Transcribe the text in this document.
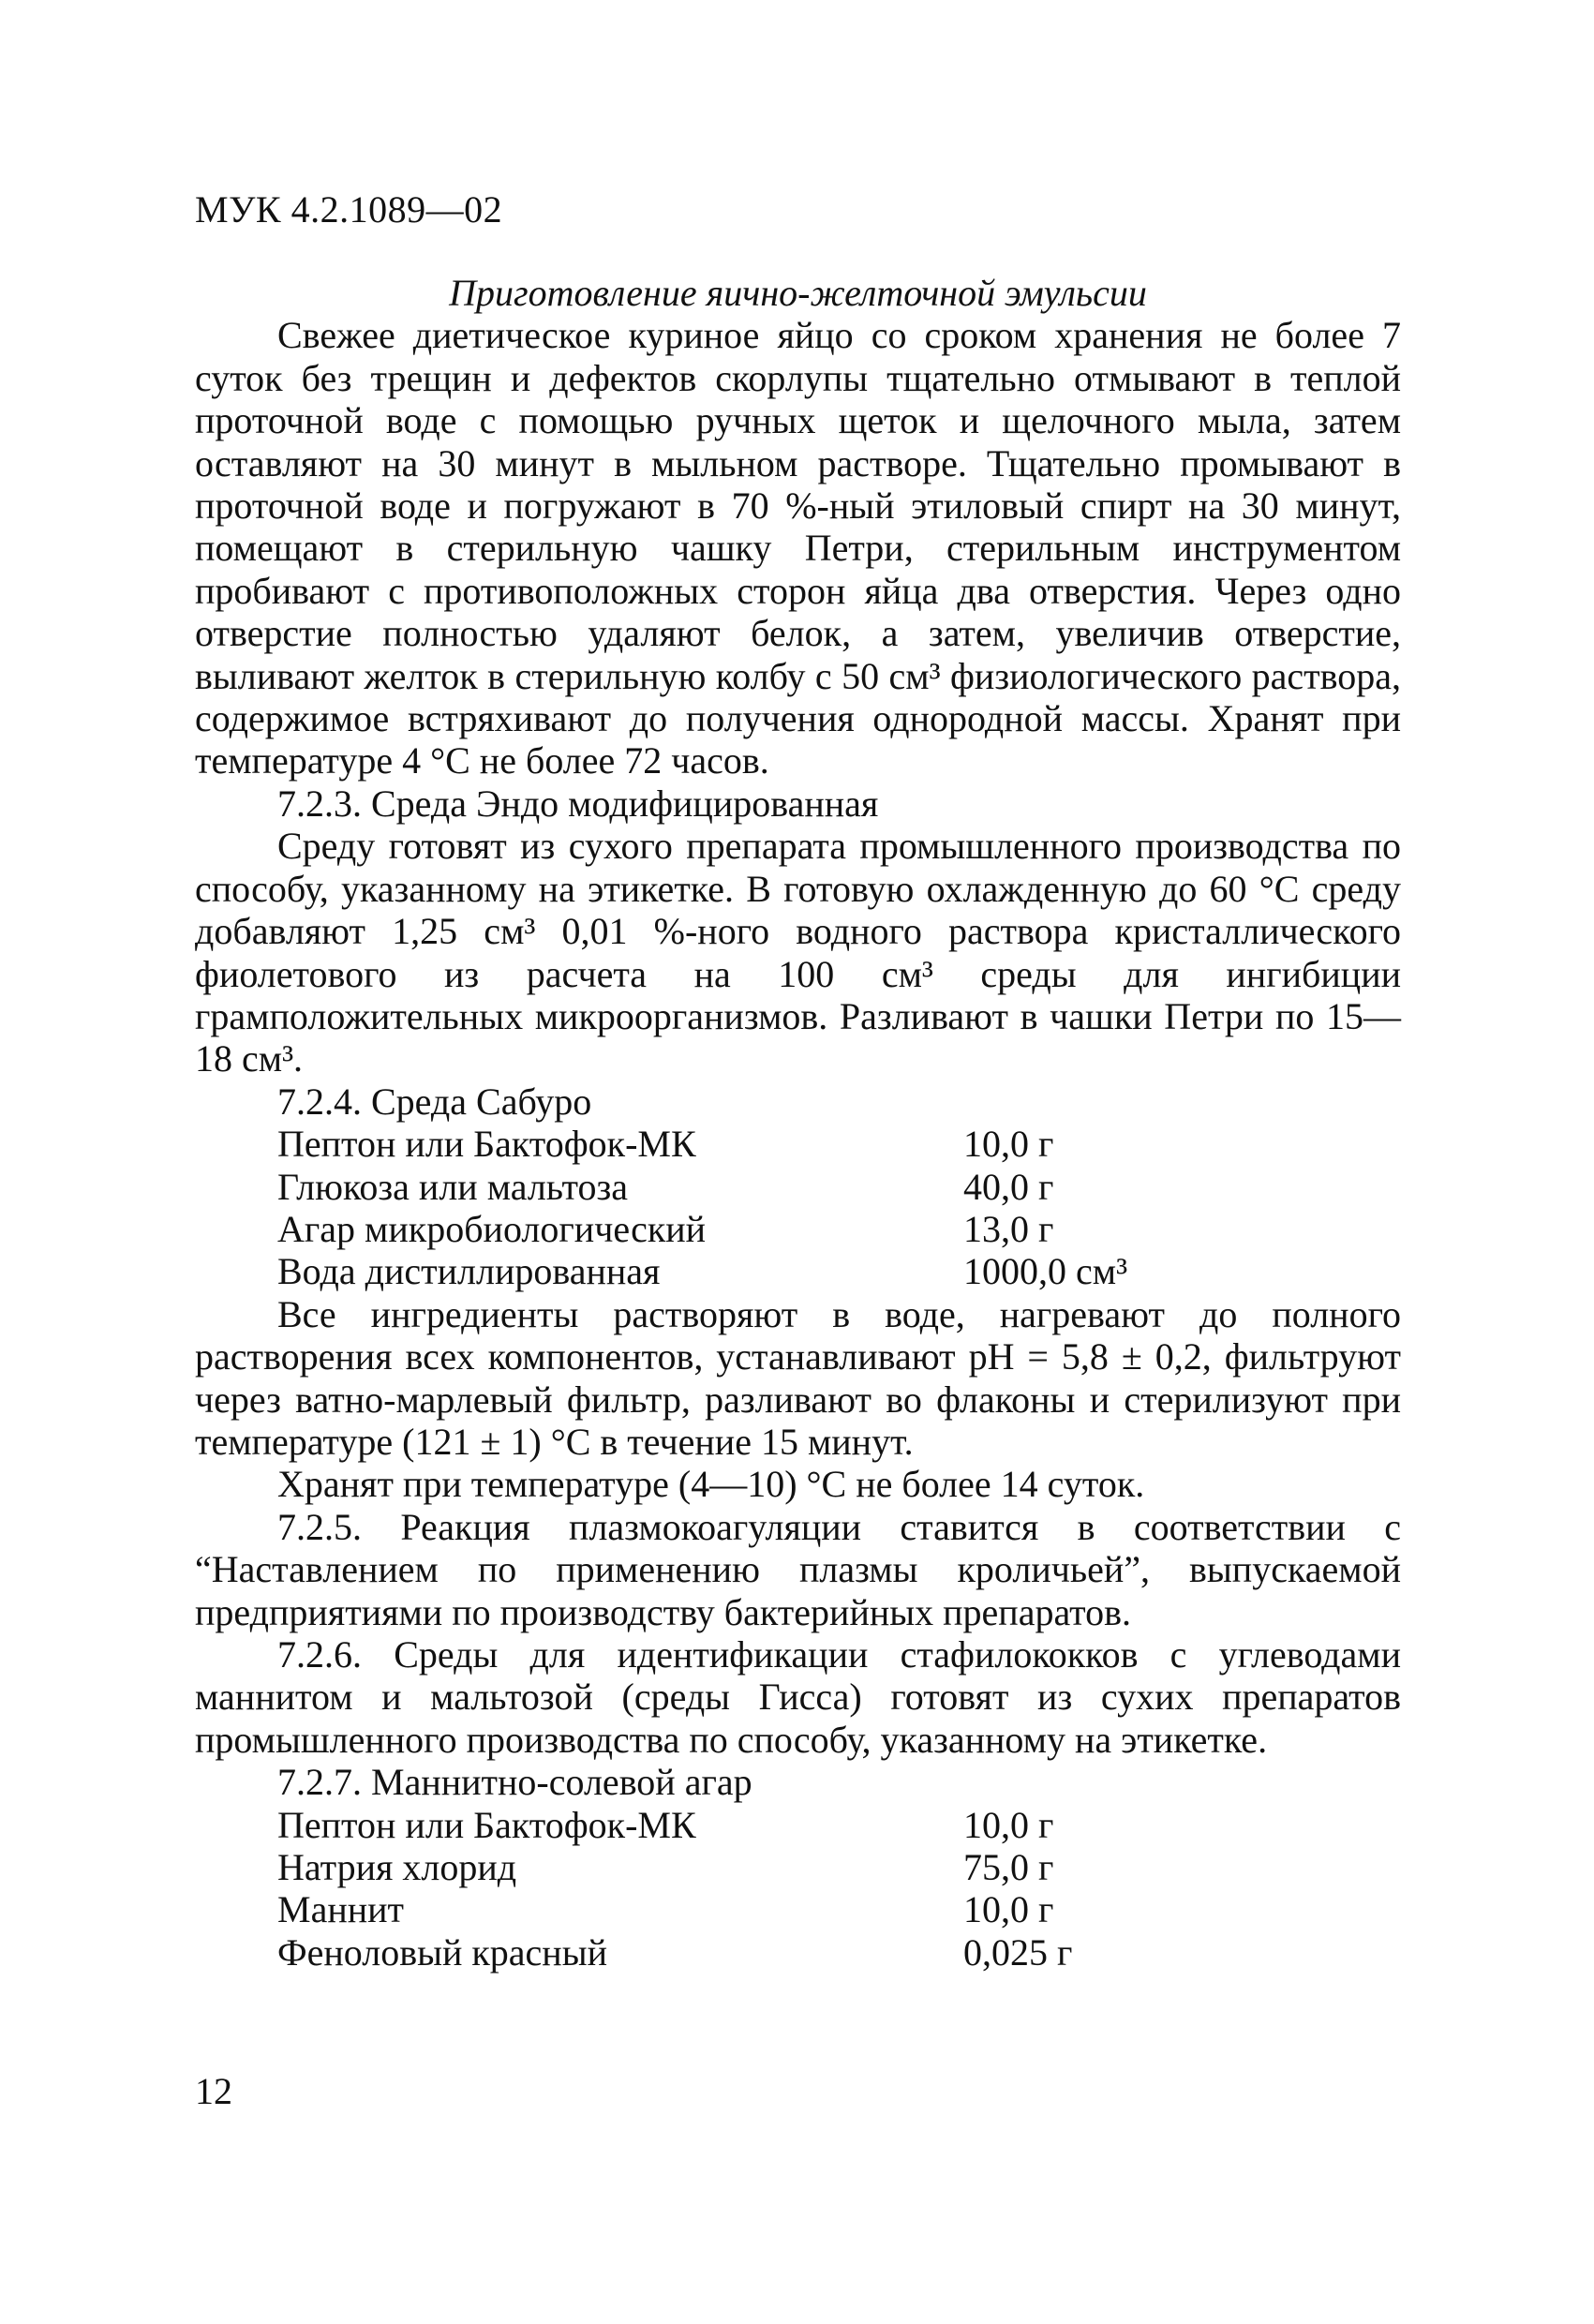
МУК 4.2.1089—02
Приготовление яично-желточной эмульсии

Свежее диетическое куриное яйцо со сроком хранения не более 7 суток без трещин и дефектов скорлупы тщательно отмывают в теплой проточной воде с помощью ручных щеток и щелочного мыла, затем оставляют на 30 минут в мыльном растворе. Тщательно промывают в проточной воде и погружают в 70 %-ный этиловый спирт на 30 минут, помещают в стерильную чашку Петри, стерильным инструментом пробивают с противоположных сторон яйца два отверстия. Через одно отверстие полностью удаляют белок, а затем, увеличив отверстие, выливают желток в стерильную колбу с 50 см³ физиологического раствора, содержимое встряхивают до получения однородной массы. Хранят при температуре 4 °С не более 72 часов.

7.2.3. Среда Эндо модифицированная

Среду готовят из сухого препарата промышленного производства по способу, указанному на этикетке. В готовую охлажденную до 60 °С среду добавляют 1,25 см³ 0,01 %-ного водного раствора кристаллического фиолетового из расчета на 100 см³ среды для ингибиции грамположительных микроорганизмов. Разливают в чашки Петри по 15—18 см³.

7.2.4. Среда Сабуро
Пептон или Бактофок-МК	10,0 г
Глюкоза или мальтоза	40,0 г
Агар микробиологический	13,0 г
Вода дистиллированная	1000,0 см³

Все ингредиенты растворяют в воде, нагревают до полного растворения всех компонентов, устанавливают рН = 5,8 ± 0,2, фильтруют через ватно-марлевый фильтр, разливают во флаконы и стерилизуют при температуре (121 ± 1) °С в течение 15 минут.

Хранят при температуре (4—10) °С не более 14 суток.

7.2.5. Реакция плазмокоагуляции ставится в соответствии с “Наставлением по применению плазмы кроличьей”, выпускаемой предприятиями по производству бактерийных препаратов.

7.2.6. Среды для идентификации стафилококков с углеводами маннитом и мальтозой (среды Гисса) готовят из сухих препаратов промышленного производства по способу, указанному на этикетке.

7.2.7. Маннитно-солевой агар
Пептон или Бактофок-МК	10,0 г
Натрия хлорид	75,0 г
Маннит	10,0 г
Феноловый красный	0,025 г
12
